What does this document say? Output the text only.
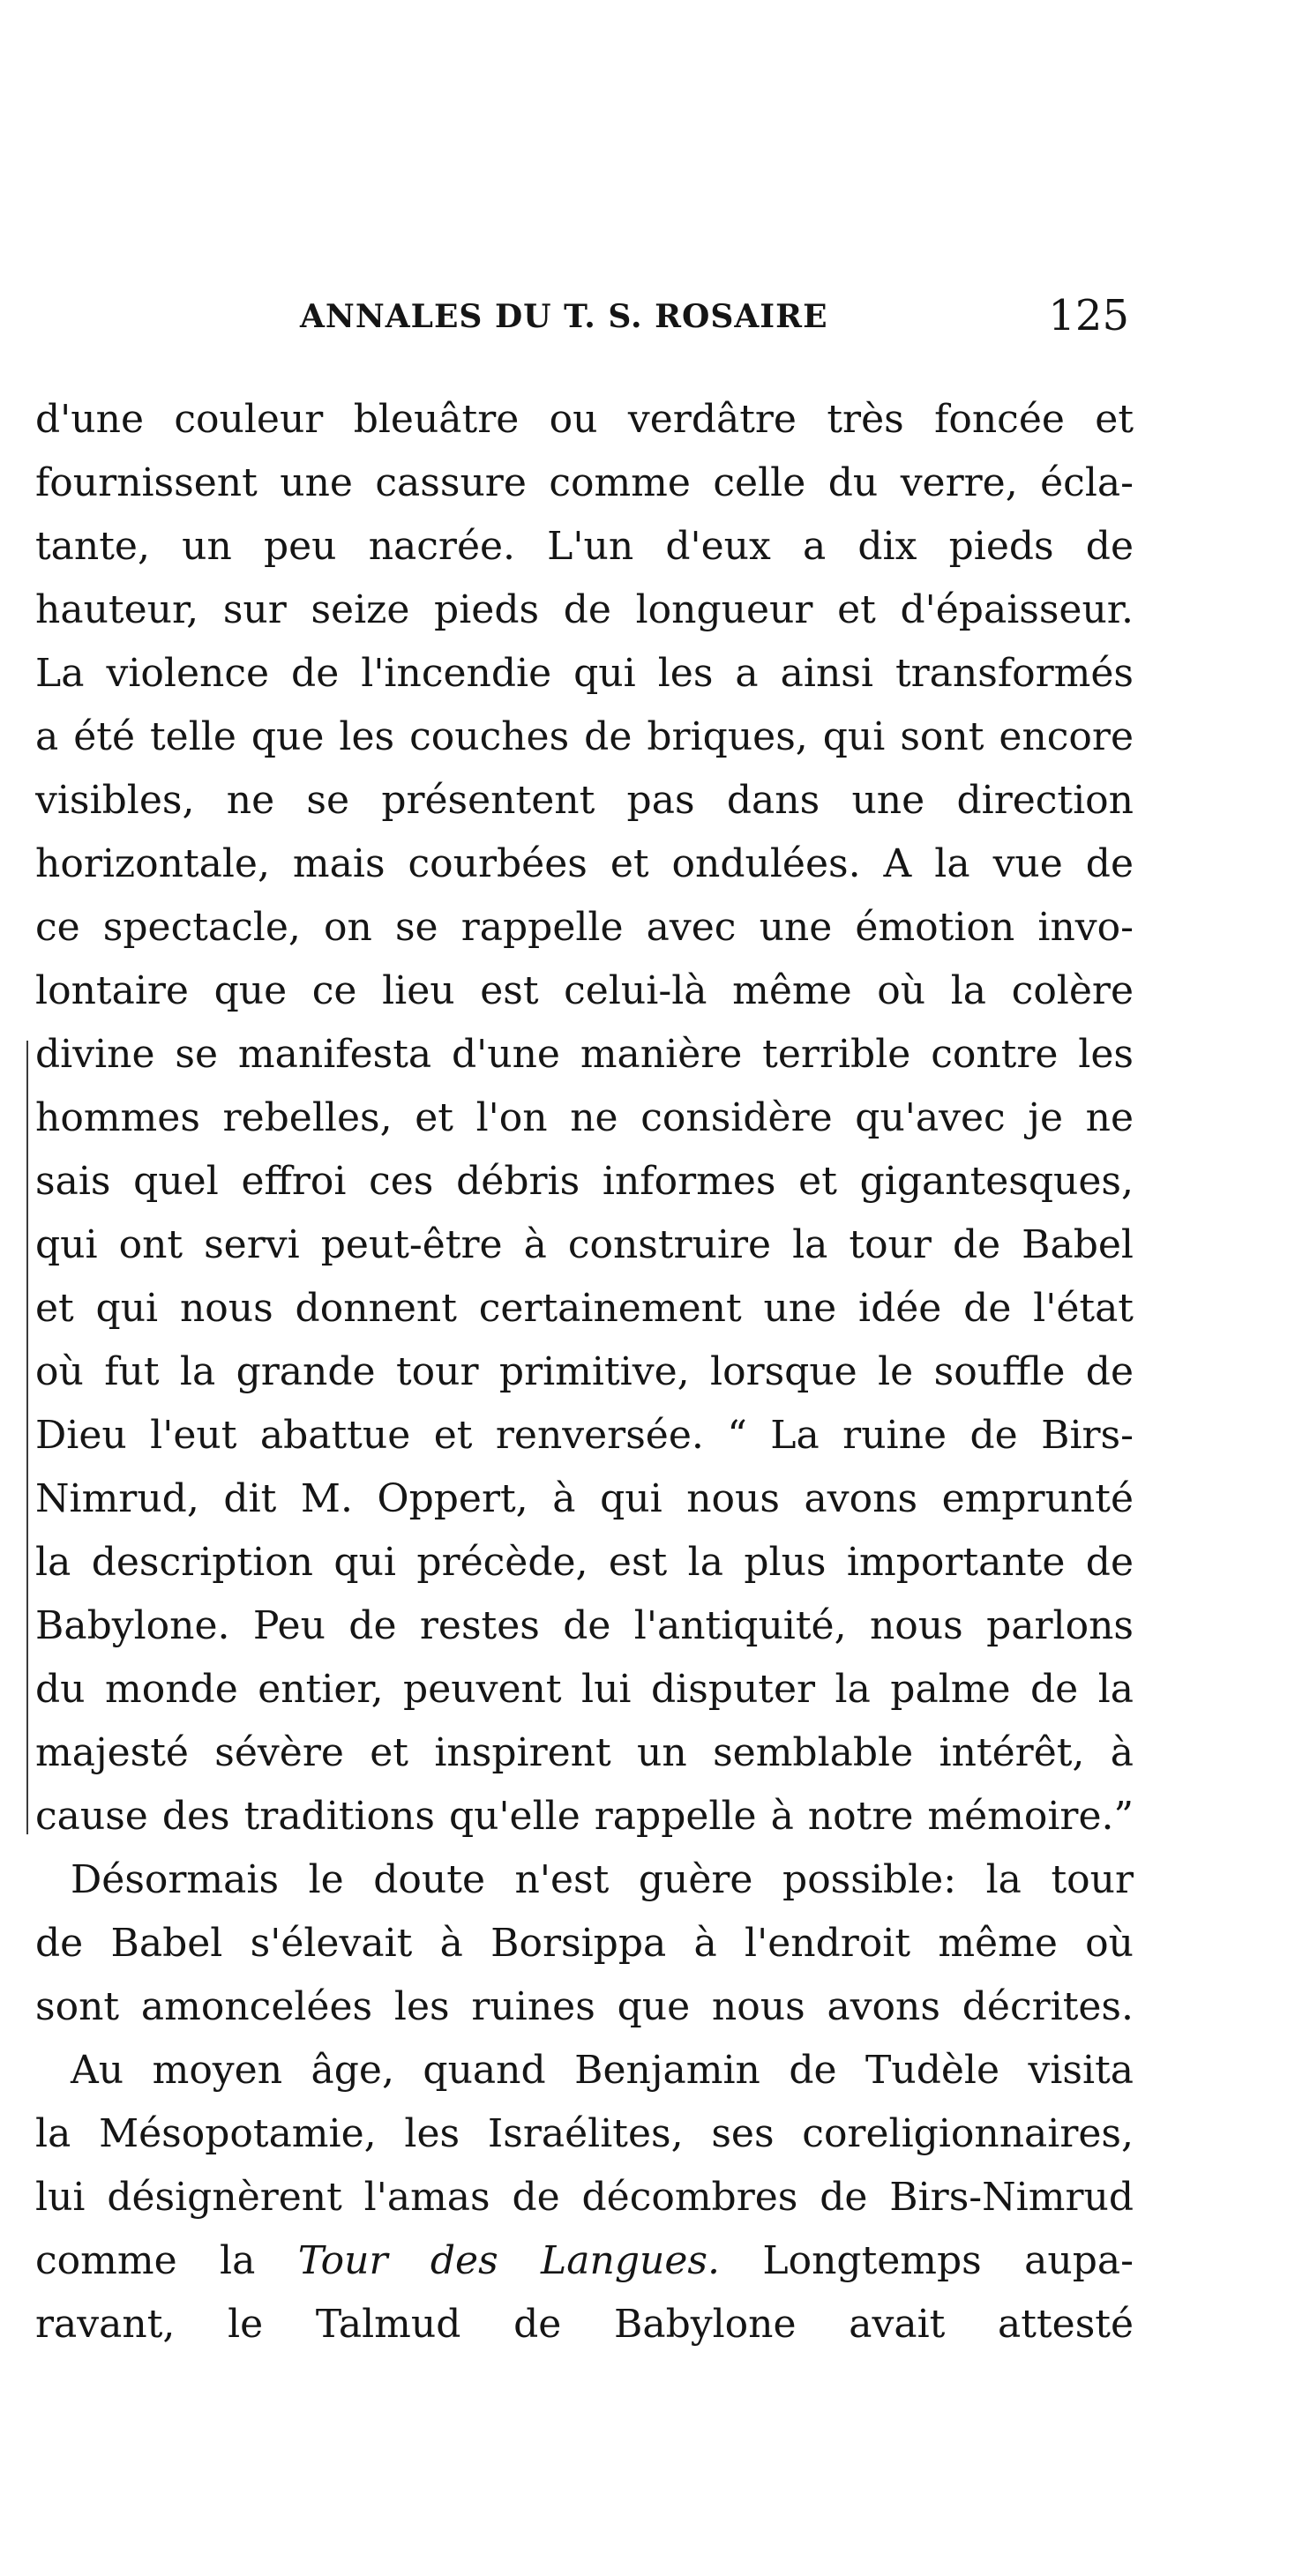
ANNALES DU T. S. ROSAIRE	125
d'une couleur bleuâtre ou verdâtre très foncée et
fournissent une cassure comme celle du verre, écla-
tante, un peu nacrée. L'un d'eux a dix pieds de
hauteur, sur seize pieds de longueur et d'épaisseur.
La violence de l'incendie qui les a ainsi transformés
a été telle que les couches de briques, qui sont encore
visibles, ne se présentent pas dans une direction
horizontale, mais courbées et ondulées. A la vue de
ce spectacle, on se rappelle avec une émotion invo-
lontaire que ce lieu est celui-là même où la colère
divine se manifesta d'une manière terrible contre les
hommes rebelles, et l'on ne considère qu'avec je ne
sais quel effroi ces débris informes et gigantesques,
qui ont servi peut-être à construire la tour de Babel
et qui nous donnent certainement une idée de l'état
où fut la grande tour primitive, lorsque le souffle de
Dieu l'eut abattue et renversée. “ La ruine de Birs-
Nimrud, dit M. Oppert, à qui nous avons emprunté
la description qui précède, est la plus importante de
Babylone. Peu de restes de l'antiquité, nous parlons
du monde entier, peuvent lui disputer la palme de la
majesté sévère et inspirent un semblable intérêt, à
cause des traditions qu'elle rappelle à notre mémoire.”
Désormais le doute n'est guère possible: la tour
de Babel s'élevait à Borsippa à l'endroit même où
sont amoncelées les ruines que nous avons décrites.
Au moyen âge, quand Benjamin de Tudèle visita
la Mésopotamie, les Israélites, ses coreligionnaires,
lui désignèrent l'amas de décombres de Birs-Nimrud
comme la Tour des Langues. Longtemps aupa-
ravant, le Talmud de Babylone avait attesté
